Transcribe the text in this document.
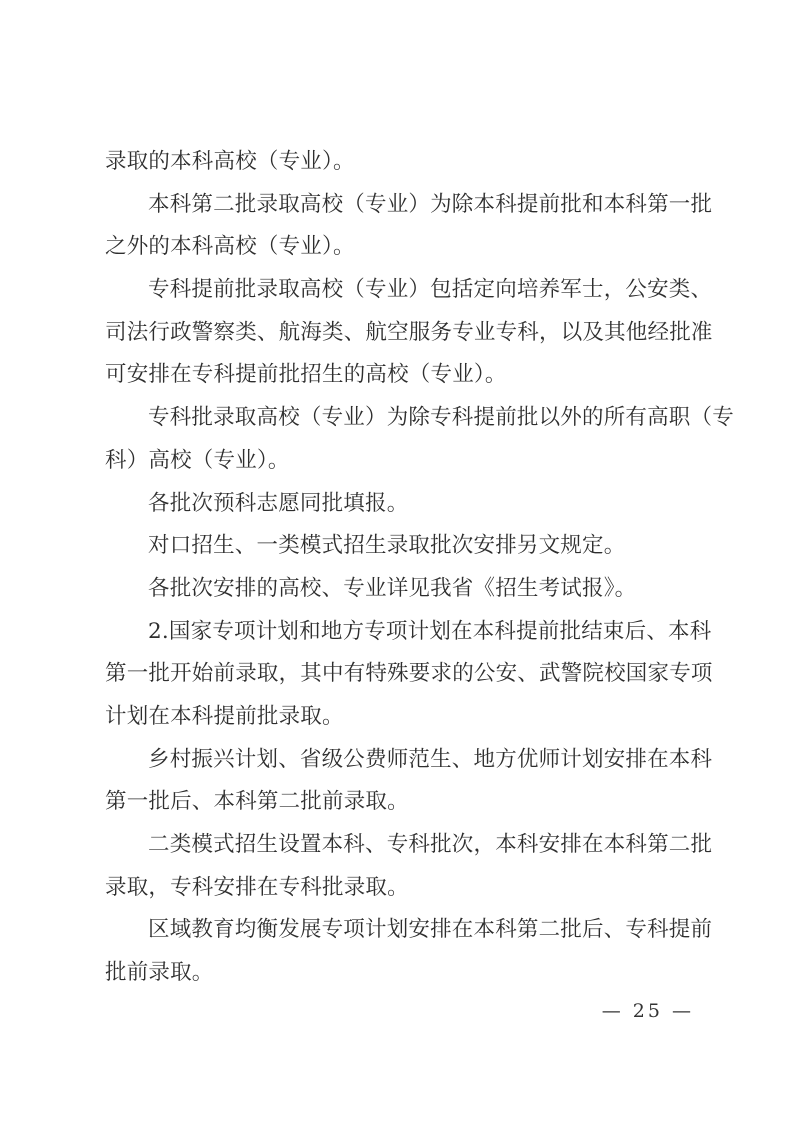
录取的本科高校（专业）。

本科第二批录取高校（专业）为除本科提前批和本科第一批

之外的本科高校（专业）。

专科提前批录取高校（专业）包括定向培养军士，公安类、

司法行政警察类、航海类、航空服务专业专科，以及其他经批准

可安排在专科提前批招生的高校（专业）。

专科批录取高校（专业）为除专科提前批以外的所有高职（专

科）高校（专业）。

各批次预科志愿同批填报。

对口招生、一类模式招生录取批次安排另文规定。

各批次安排的高校、专业详见我省《招生考试报》。

2.国家专项计划和地方专项计划在本科提前批结束后、本科

第一批开始前录取，其中有特殊要求的公安、武警院校国家专项

计划在本科提前批录取。

乡村振兴计划、省级公费师范生、地方优师计划安排在本科

第一批后、本科第二批前录取。

二类模式招生设置本科、专科批次，本科安排在本科第二批

录取，专科安排在专科批录取。

区域教育均衡发展专项计划安排在本科第二批后、专科提前

批前录取。

— 25 —
